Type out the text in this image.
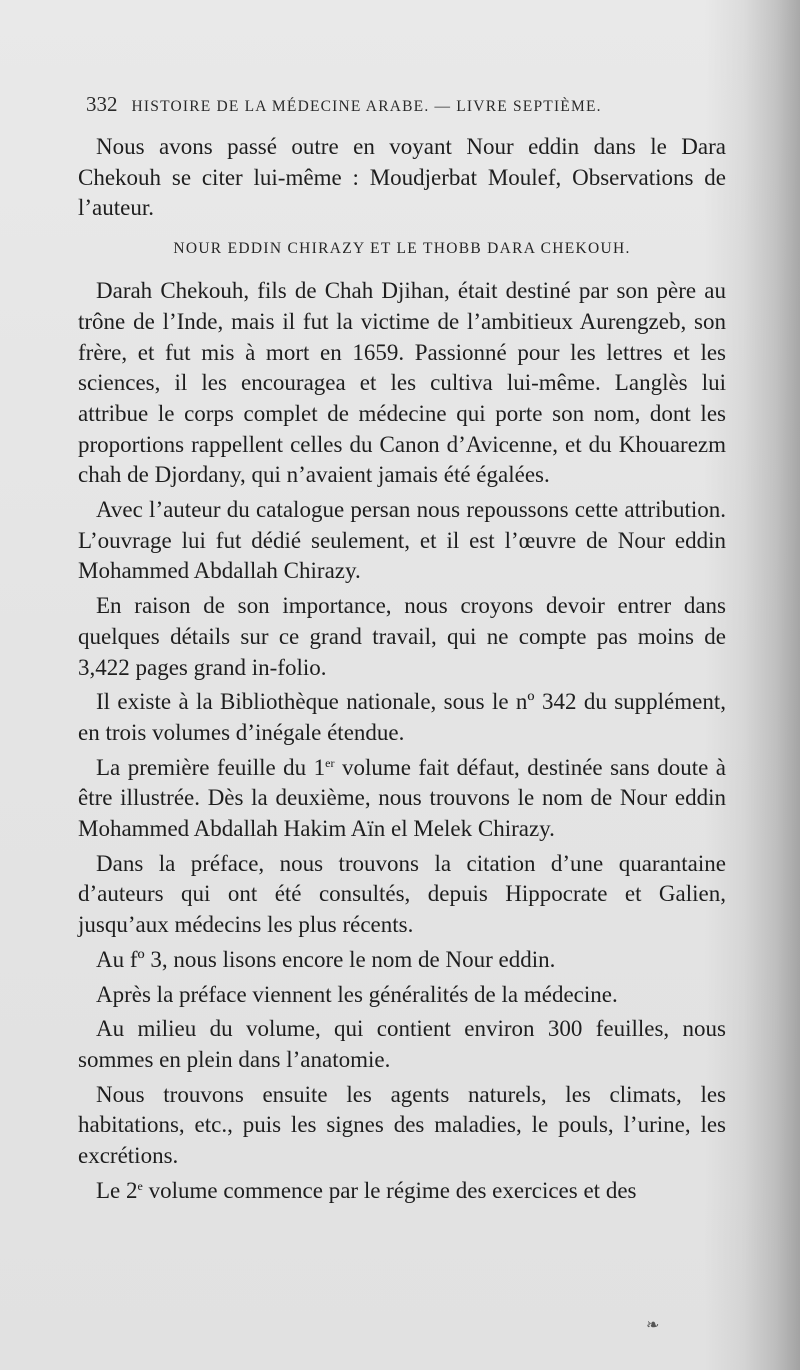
332 HISTOIRE DE LA MÉDECINE ARABE. — LIVRE SEPTIÈME.

Nous avons passé outre en voyant Nour eddin dans le Dara Chekouh se citer lui-même : Moudjerbat Moulef, Observations de l’auteur.

NOUR EDDIN CHIRAZY ET LE THOBB DARA CHEKOUH.

Darah Chekouh, fils de Chah Djihan, était destiné par son père au trône de l’Inde, mais il fut la victime de l’ambitieux Aurengzeb, son frère, et fut mis à mort en 1659. Passionné pour les lettres et les sciences, il les encouragea et les cultiva lui-même. Langlès lui attribue le corps complet de médecine qui porte son nom, dont les proportions rappellent celles du Canon d’Avicenne, et du Khouarezm chah de Djordany, qui n’avaient jamais été égalées.

Avec l’auteur du catalogue persan nous repoussons cette attribution. L’ouvrage lui fut dédié seulement, et il est l’œuvre de Nour eddin Mohammed Abdallah Chirazy.

En raison de son importance, nous croyons devoir entrer dans quelques détails sur ce grand travail, qui ne compte pas moins de 3,422 pages grand in-folio.

Il existe à la Bibliothèque nationale, sous le nº 342 du supplément, en trois volumes d’inégale étendue.

La première feuille du 1er volume fait défaut, destinée sans doute à être illustrée. Dès la deuxième, nous trouvons le nom de Nour eddin Mohammed Abdallah Hakim Aïn el Melek Chirazy.

Dans la préface, nous trouvons la citation d’une quarantaine d’auteurs qui ont été consultés, depuis Hippocrate et Galien, jusqu’aux médecins les plus récents.

Au fº 3, nous lisons encore le nom de Nour eddin.

Après la préface viennent les généralités de la médecine.

Au milieu du volume, qui contient environ 300 feuilles, nous sommes en plein dans l’anatomie.

Nous trouvons ensuite les agents naturels, les climats, les habitations, etc., puis les signes des maladies, le pouls, l’urine, les excrétions.

Le 2e volume commence par le régime des exercices et des

❧
